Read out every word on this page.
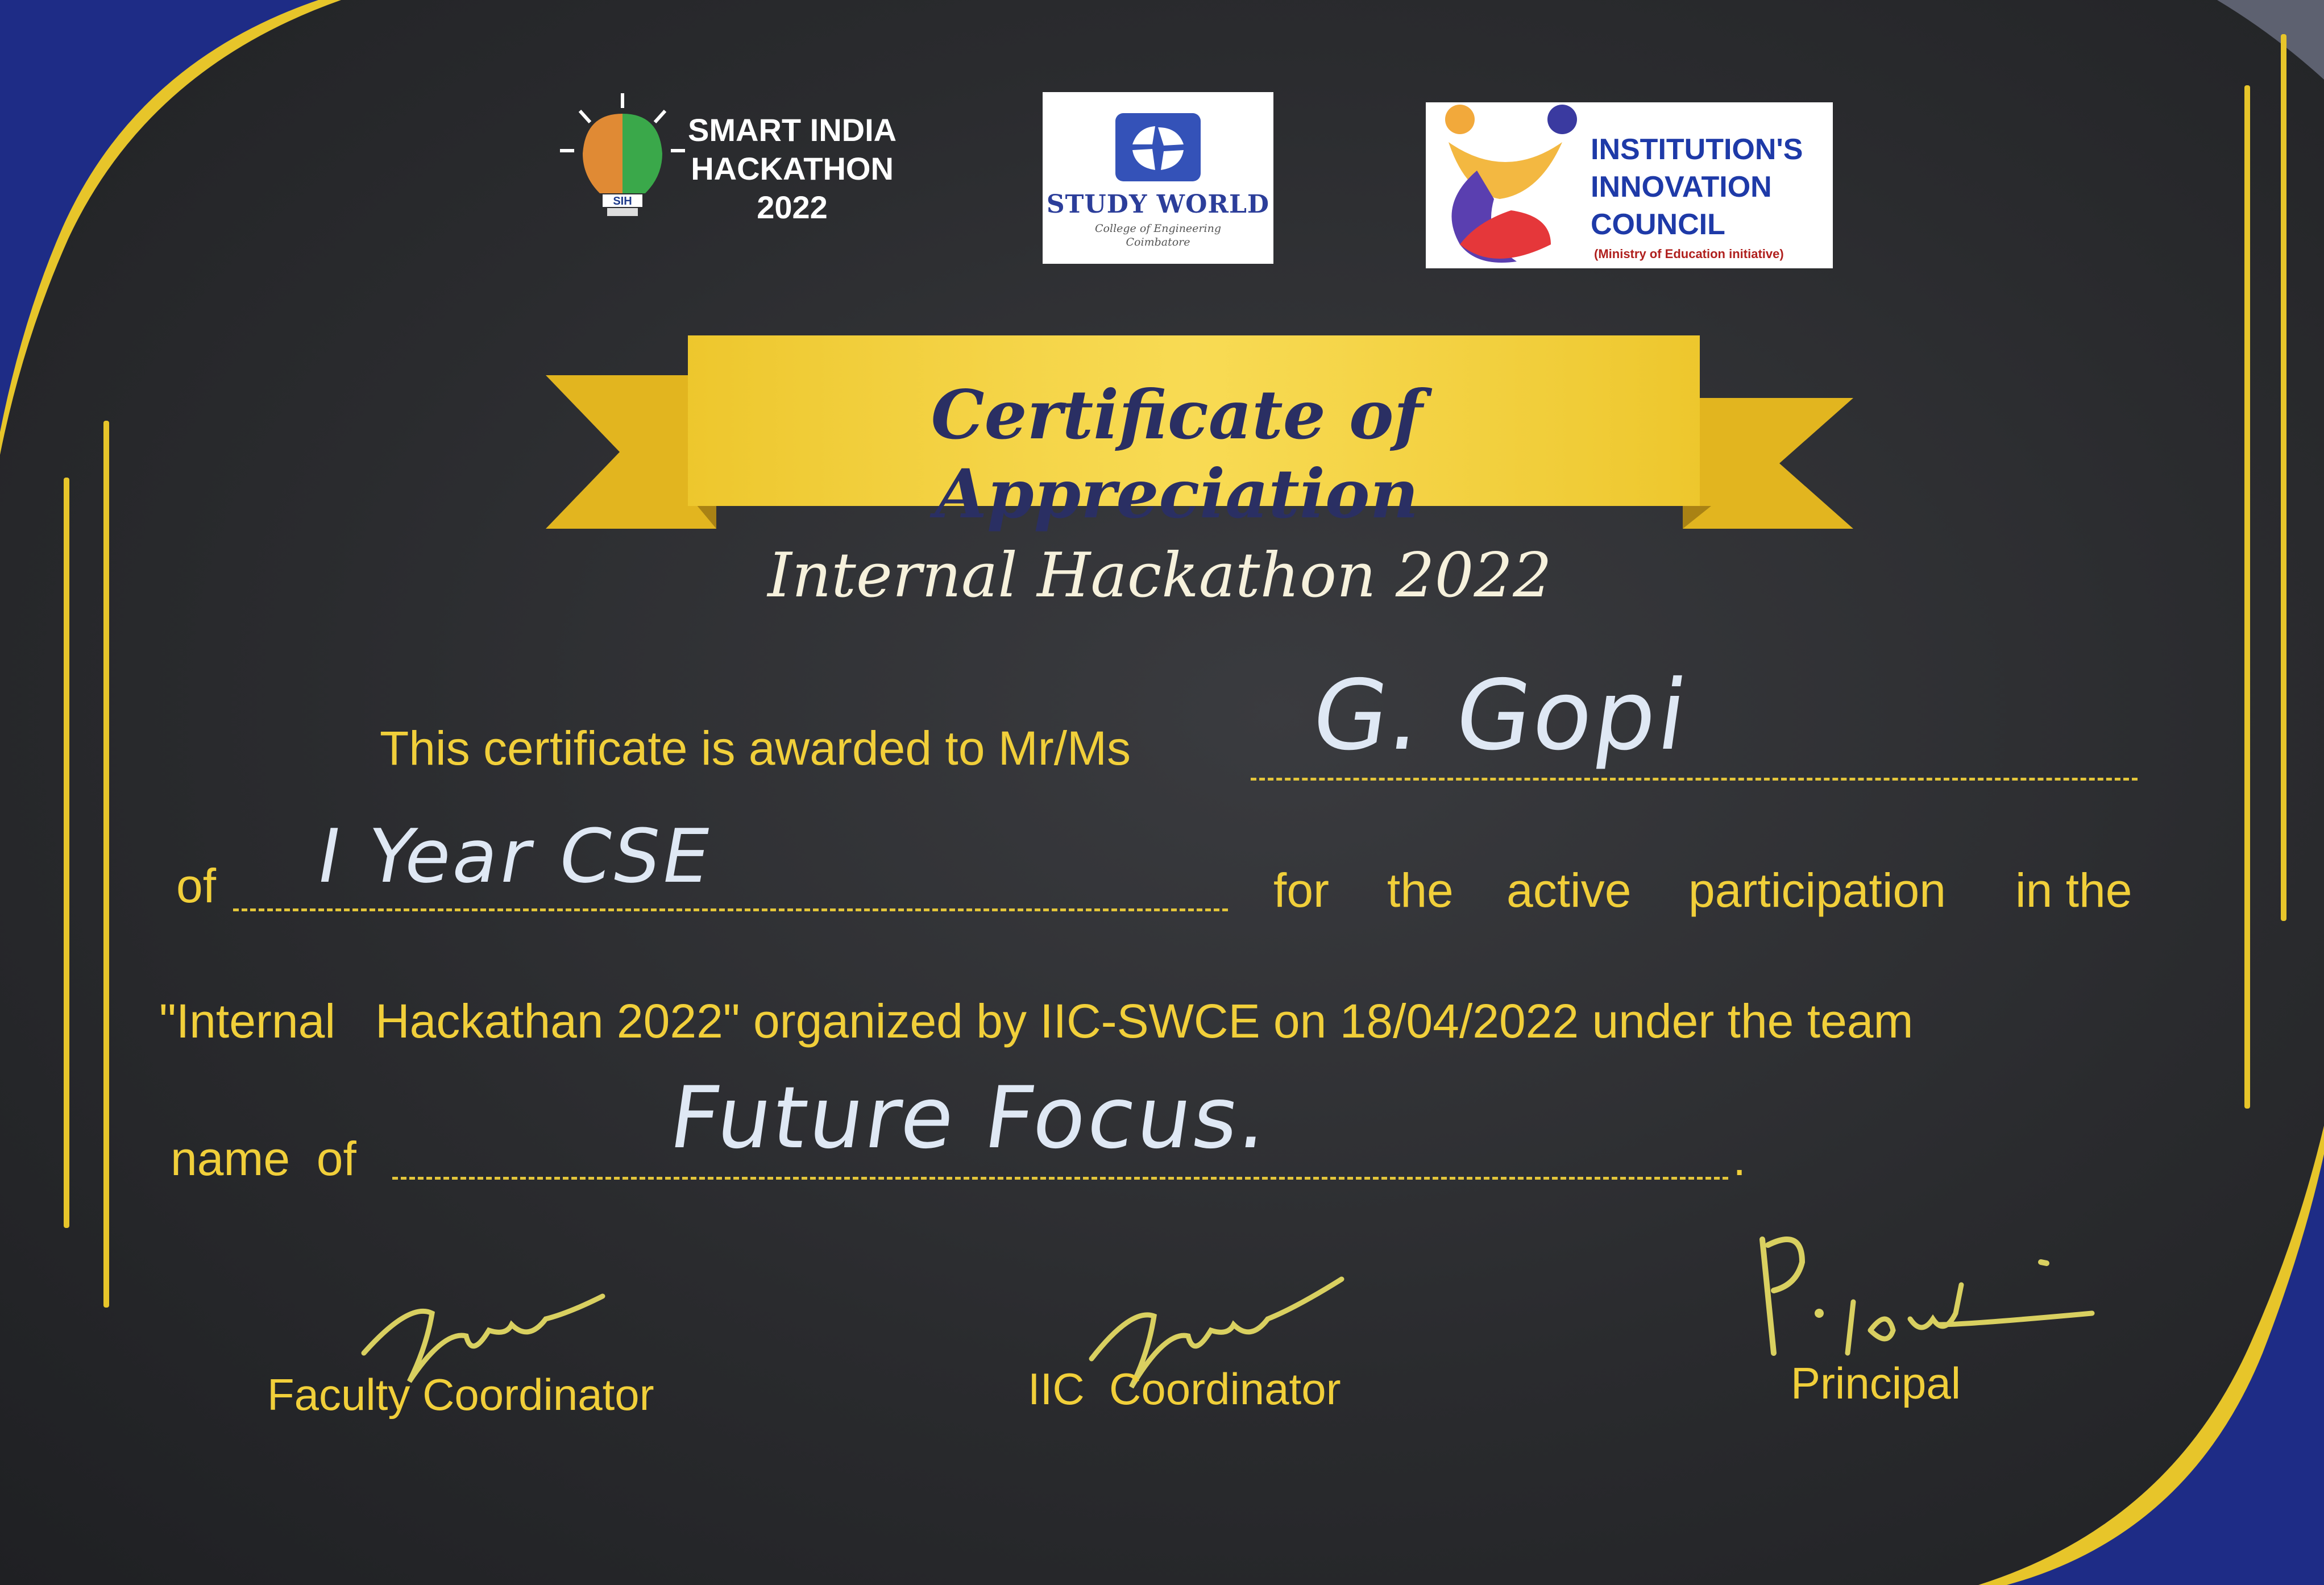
SIH
SMART INDIA
HACKATHON
2022	STUDY WORLD
College of Engineering
Coimbatore
INSTITUTION'S
INNOVATION
COUNCIL
(Ministry of Education initiative)
Certificate of Appreciation
Internal Hackathon 2022
This certificate is awarded to Mr/Ms G. Gopi
of I Year CSE	for the active participation in the
"Internal   Hackathan 2022" organized by IIC-SWCE on 18/04/2022 under the team
name  of	.
Future Focus.
Faculty Coordinator	IIC  Coordinator	Principal
